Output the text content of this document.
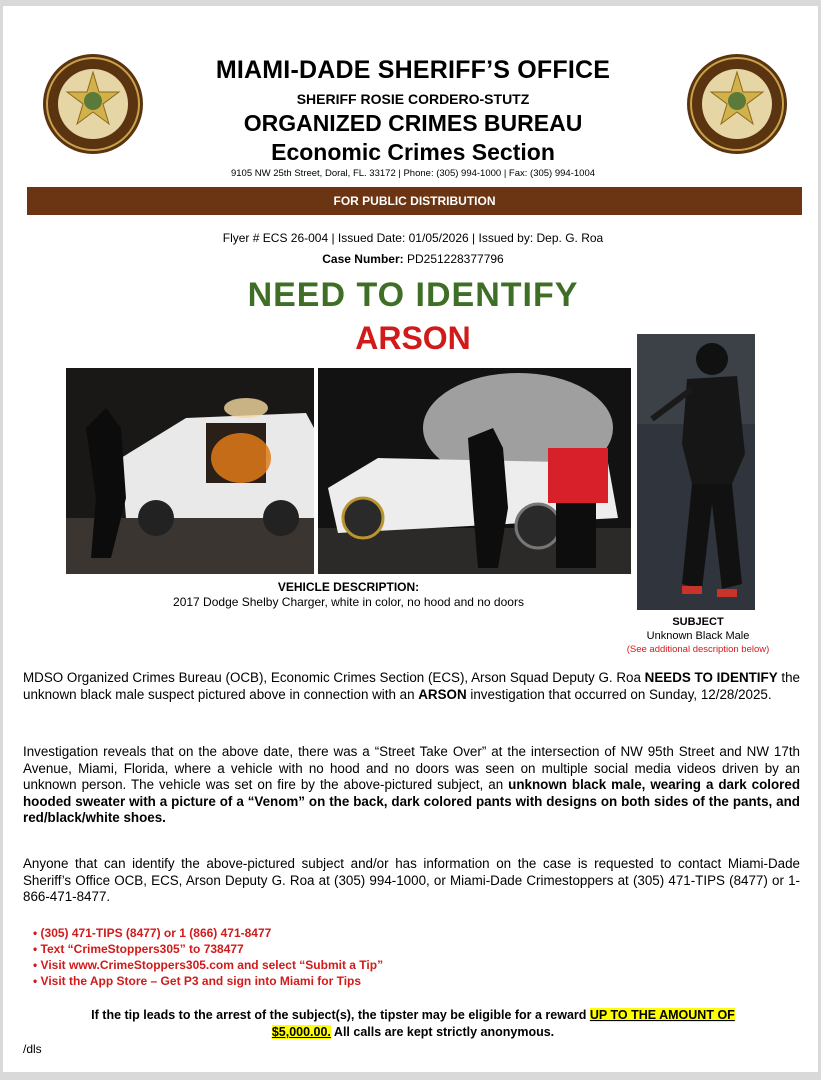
MIAMI-DADE SHERIFF’S OFFICE
SHERIFF ROSIE CORDERO-STUTZ
ORGANIZED CRIMES BUREAU
Economic Crimes Section
9105 NW 25th Street, Doral, FL. 33172 | Phone: (305) 994-1000 | Fax: (305) 994-1004
FOR PUBLIC DISTRIBUTION
Flyer # ECS 26-004 | Issued Date: 01/05/2026 | Issued by: Dep. G. Roa
Case Number: PD251228377796
NEED TO IDENTIFY
ARSON
VEHICLE DESCRIPTION:
2017 Dodge Shelby Charger, white in color, no hood and no doors
SUBJECT
Unknown Black Male
(See additional description below)
MDSO Organized Crimes Bureau (OCB), Economic Crimes Section (ECS), Arson Squad Deputy G. Roa NEEDS TO IDENTIFY the unknown black male suspect pictured above in connection with an ARSON investigation that occurred on Sunday, 12/28/2025.
Investigation reveals that on the above date, there was a “Street Take Over” at the intersection of NW 95th Street and NW 17th Avenue, Miami, Florida, where a vehicle with no hood and no doors was seen on multiple social media videos driven by an unknown person. The vehicle was set on fire by the above-pictured subject, an unknown black male, wearing a dark colored hooded sweater with a picture of a “Venom” on the back, dark colored pants with designs on both sides of the pants, and red/black/white shoes.
Anyone that can identify the above-pictured subject and/or has information on the case is requested to contact Miami-Dade Sheriff’s Office OCB, ECS, Arson Deputy G. Roa at (305) 994-1000, or Miami-Dade Crimestoppers at (305) 471-TIPS (8477) or 1-866-471-8477.
• (305) 471-TIPS (8477) or 1 (866) 471-8477
• Text “CrimeStoppers305” to 738477
• Visit www.CrimeStoppers305.com and select “Submit a Tip”
• Visit the App Store – Get P3 and sign into Miami for Tips
If the tip leads to the arrest of the subject(s), the tipster may be eligible for a reward UP TO THE AMOUNT OF
$5,000.00. All calls are kept strictly anonymous.
/dls
